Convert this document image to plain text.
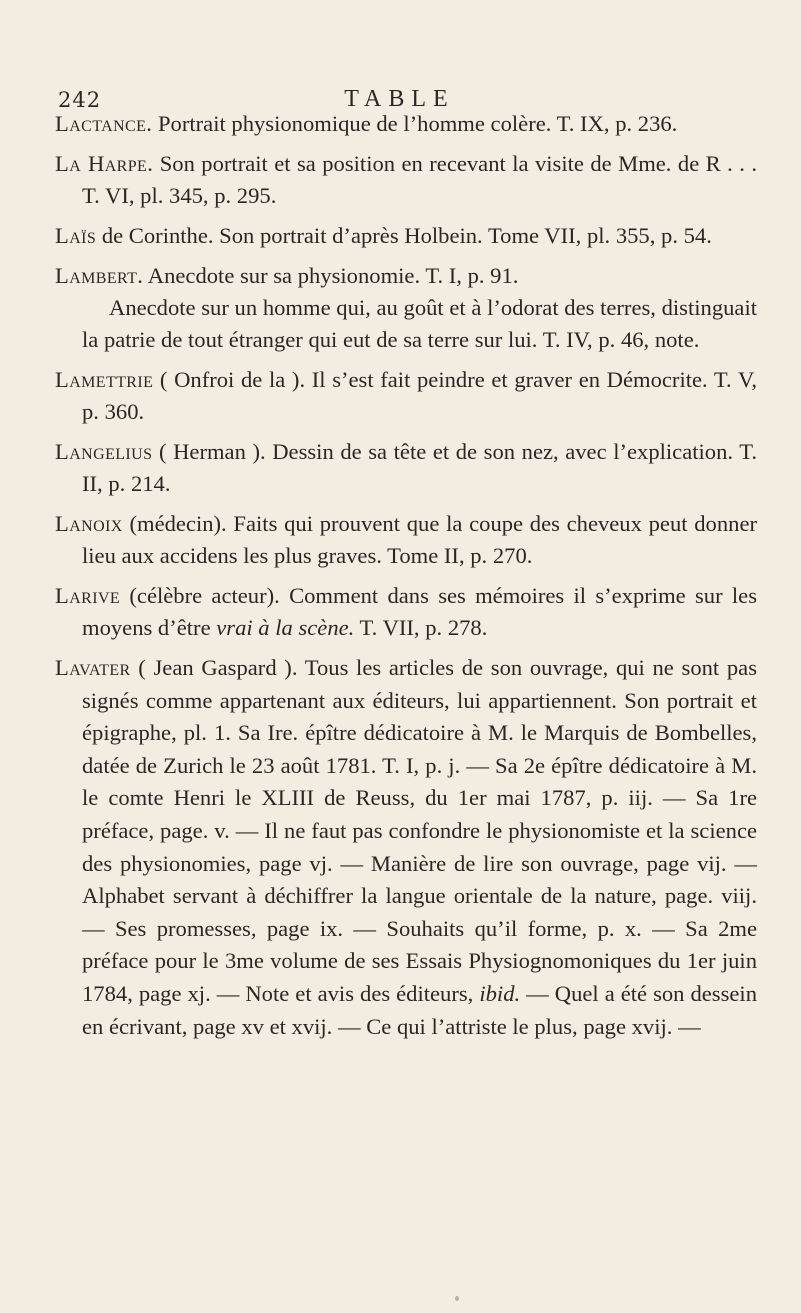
242	TABLE

Lactance. Portrait physionomique de l’homme colère. T. IX, p. 236.

La Harpe. Son portrait et sa position en recevant la visite de Mme. de R . . . T. VI, pl. 345, p. 295.

Laïs de Corinthe. Son portrait d’après Holbein. Tome VII, pl. 355, p. 54.

Lambert. Anecdote sur sa physionomie. T. I, p. 91.
Anecdote sur un homme qui, au goût et à l’odorat des terres, distinguait la patrie de tout étranger qui eut de sa terre sur lui. T. IV, p. 46, note.

Lamettrie ( Onfroi de la ). Il s’est fait peindre et graver en Démocrite. T. V, p. 360.

Langelius ( Herman ). Dessin de sa tête et de son nez, avec l’explication. T. II, p. 214.

Lanoix (médecin). Faits qui prouvent que la coupe des cheveux peut donner lieu aux accidens les plus graves. Tome II, p. 270.

Larive (célèbre acteur). Comment dans ses mémoires il s’exprime sur les moyens d’être vrai à la scène. T. VII, p. 278.

Lavater ( Jean Gaspard ). Tous les articles de son ouvrage, qui ne sont pas signés comme appartenant aux éditeurs, lui appartiennent. Son portrait et épigraphe, pl. 1. Sa Ire. épître dédicatoire à M. le Marquis de Bombelles, datée de Zurich le 23 août 1781. T. I, p. j. — Sa 2e épître dédicatoire à M. le comte Henri le XLIII de Reuss, du 1er mai 1787, p. iij. — Sa 1re préface, page. v. — Il ne faut pas confondre le physionomiste et la science des physionomies, page vj. — Manière de lire son ouvrage, page vij. — Alphabet servant à déchiffrer la langue orientale de la nature, page. viij. — Ses promesses, page ix. — Souhaits qu’il forme, p. x. — Sa 2me préface pour le 3me volume de ses Essais Physiognomoniques du 1er juin 1784, page xj. — Note et avis des éditeurs, ibid. — Quel a été son dessein en écrivant, page xv et xvij. — Ce qui l’attriste le plus, page xvij. —
